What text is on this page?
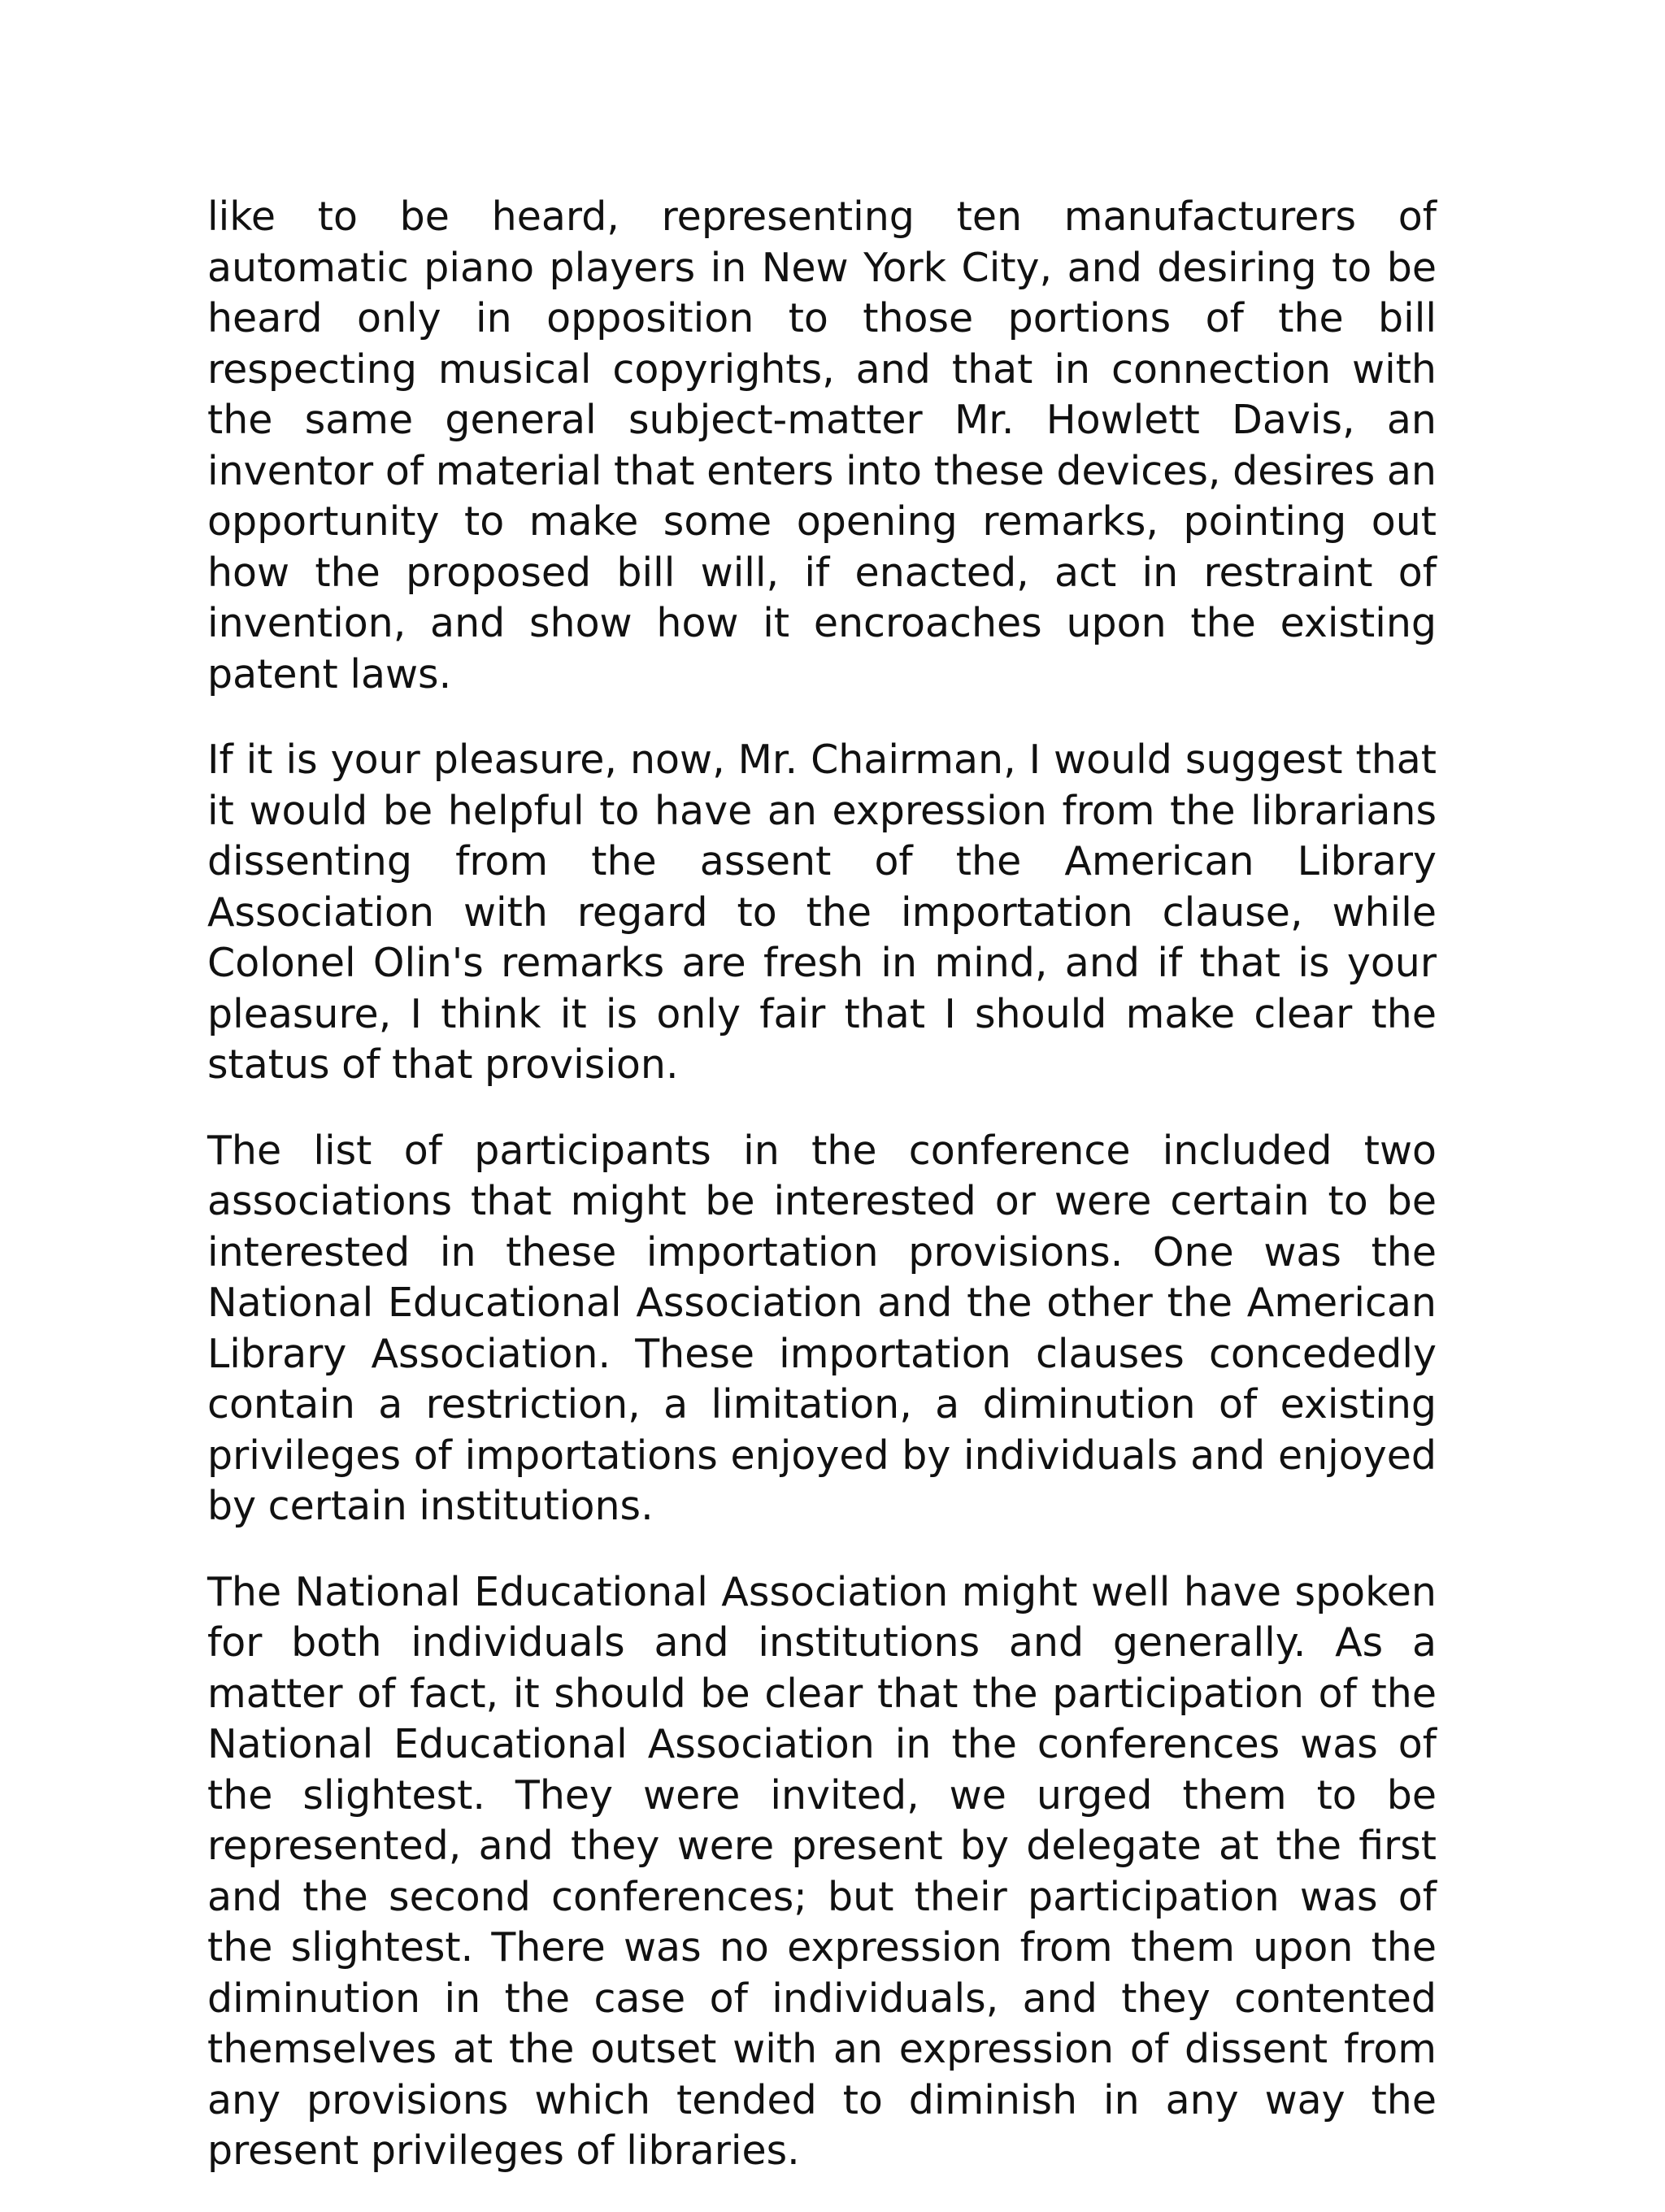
like to be heard, representing ten manufacturers of automatic piano players in New York City, and desiring to be heard only in opposition to those portions of the bill respecting musical copyrights, and that in connection with the same general subject-matter Mr. Howlett Davis, an inventor of material that enters into these devices, desires an opportunity to make some opening remarks, pointing out how the proposed bill will, if enacted, act in restraint of invention, and show how it encroaches upon the existing patent laws.

If it is your pleasure, now, Mr. Chairman, I would suggest that it would be helpful to have an expression from the librarians dissenting from the assent of the American Library Association with regard to the importation clause, while Colonel Olin's remarks are fresh in mind, and if that is your pleasure, I think it is only fair that I should make clear the status of that provision.

The list of participants in the conference included two associations that might be interested or were certain to be interested in these importation provisions. One was the National Educational Association and the other the American Library Association. These importation clauses concededly contain a restriction, a limitation, a diminution of existing privileges of importations enjoyed by individuals and enjoyed by certain institutions.

The National Educational Association might well have spoken for both individuals and institutions and generally. As a matter of fact, it should be clear that the participation of the National Educational Association in the conferences was of the slightest. They were invited, we urged them to be represented, and they were present by delegate at the first and the second conferences; but their participation was of the slightest. There was no expression from them upon the diminution in the case of individuals, and they contented themselves at the outset with an expression of dissent from any provisions which tended to diminish in any way the present privileges of libraries.
